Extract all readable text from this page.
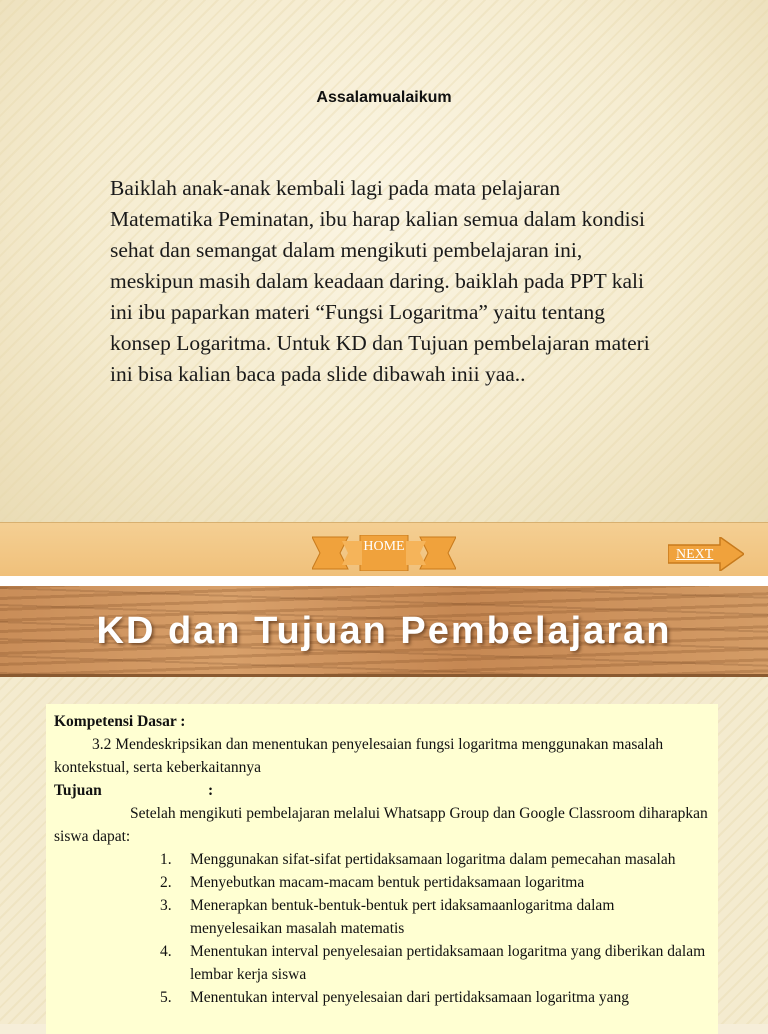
Assalamualaikum

Baiklah anak-anak kembali lagi pada mata pelajaran Matematika Peminatan, ibu harap kalian semua dalam kondisi sehat dan semangat dalam mengikuti pembelajaran ini, meskipun masih dalam keadaan daring. baiklah pada PPT kali ini ibu paparkan materi “Fungsi Logaritma” yaitu tentang konsep Logaritma. Untuk KD dan Tujuan pembelajaran materi ini bisa kalian baca pada slide dibawah inii yaa..

HOME
NEXT
KD dan Tujuan Pembelajaran

Kompetensi Dasar :

3.2 Mendeskripsikan dan menentukan penyelesaian fungsi logaritma menggunakan masalah kontekstual, serta keberkaitannya

Tujuan	:

Setelah mengikuti pembelajaran melalui Whatsapp Group dan Google Classroom diharapkan siswa dapat:

1.	Menggunakan sifat-sifat pertidaksamaan logaritma dalam pemecahan masalah
2.	Menyebutkan macam-macam bentuk pertidaksamaan logaritma
3.	Menerapkan bentuk-bentuk-bentuk pert idaksamaanlogaritma dalam menyelesaikan masalah matematis
4.	Menentukan interval penyelesaian pertidaksamaan logaritma yang diberikan dalam lembar kerja siswa
5.	Menentukan interval penyelesaian dari pertidaksamaan logaritma yang
